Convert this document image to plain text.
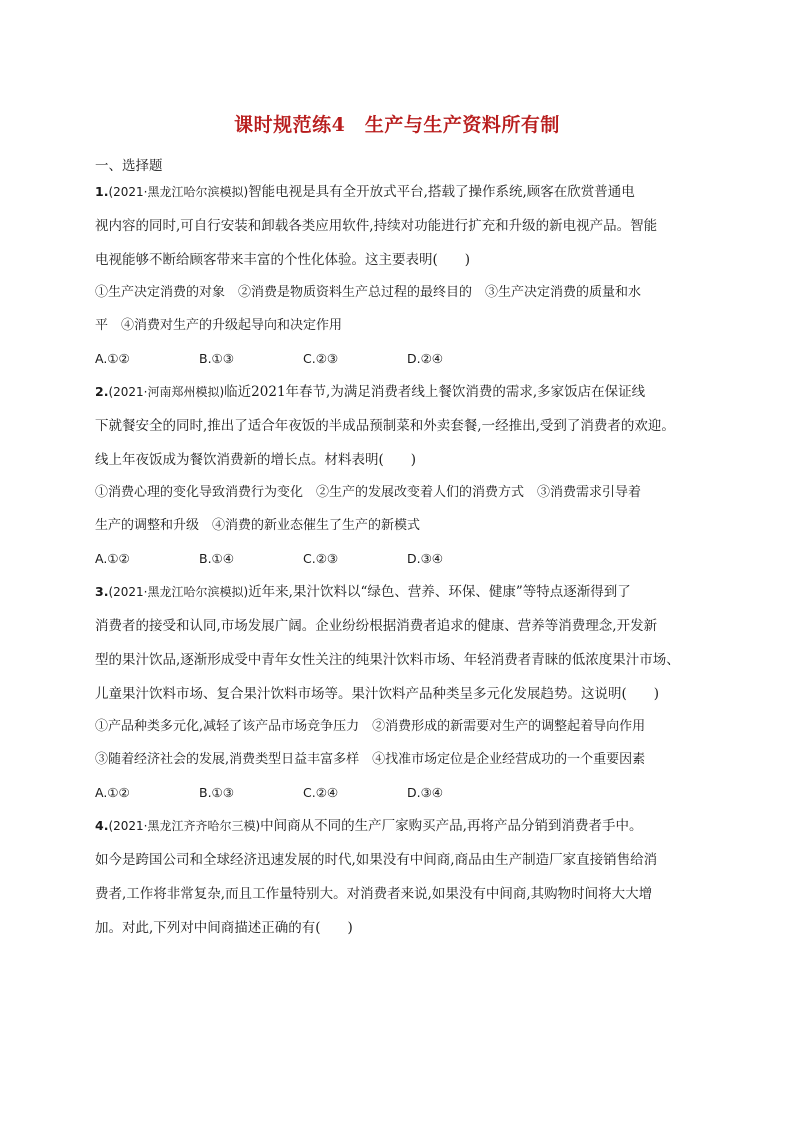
课时规范练4　生产与生产资料所有制
一、选择题
1.(2021·黑龙江哈尔滨模拟)智能电视是具有全开放式平台,搭载了操作系统,顾客在欣赏普通电
视内容的同时,可自行安装和卸载各类应用软件,持续对功能进行扩充和升级的新电视产品。智能
电视能够不断给顾客带来丰富的个性化体验。这主要表明(　　)
①生产决定消费的对象　②消费是物质资料生产总过程的最终目的　③生产决定消费的质量和水
平　④消费对生产的升级起导向和决定作用
A.①②	B.①③	C.②③	D.②④
2.(2021·河南郑州模拟)临近2021年春节,为满足消费者线上餐饮消费的需求,多家饭店在保证线
下就餐安全的同时,推出了适合年夜饭的半成品预制菜和外卖套餐,一经推出,受到了消费者的欢迎。
线上年夜饭成为餐饮消费新的增长点。材料表明(　　)
①消费心理的变化导致消费行为变化　②生产的发展改变着人们的消费方式　③消费需求引导着
生产的调整和升级　④消费的新业态催生了生产的新模式
A.①②	B.①④	C.②③	D.③④
3.(2021·黑龙江哈尔滨模拟)近年来,果汁饮料以“绿色、营养、环保、健康”等特点逐渐得到了
消费者的接受和认同,市场发展广阔。企业纷纷根据消费者追求的健康、营养等消费理念,开发新
型的果汁饮品,逐渐形成受中青年女性关注的纯果汁饮料市场、年轻消费者青睐的低浓度果汁市场、
儿童果汁饮料市场、复合果汁饮料市场等。果汁饮料产品种类呈多元化发展趋势。这说明(　　)
①产品种类多元化,减轻了该产品市场竞争压力　②消费形成的新需要对生产的调整起着导向作用
③随着经济社会的发展,消费类型日益丰富多样　④找准市场定位是企业经营成功的一个重要因素
A.①②	B.①③	C.②④	D.③④
4.(2021·黑龙江齐齐哈尔三模)中间商从不同的生产厂家购买产品,再将产品分销到消费者手中。
如今是跨国公司和全球经济迅速发展的时代,如果没有中间商,商品由生产制造厂家直接销售给消
费者,工作将非常复杂,而且工作量特别大。对消费者来说,如果没有中间商,其购物时间将大大增
加。对此,下列对中间商描述正确的有(　　)
